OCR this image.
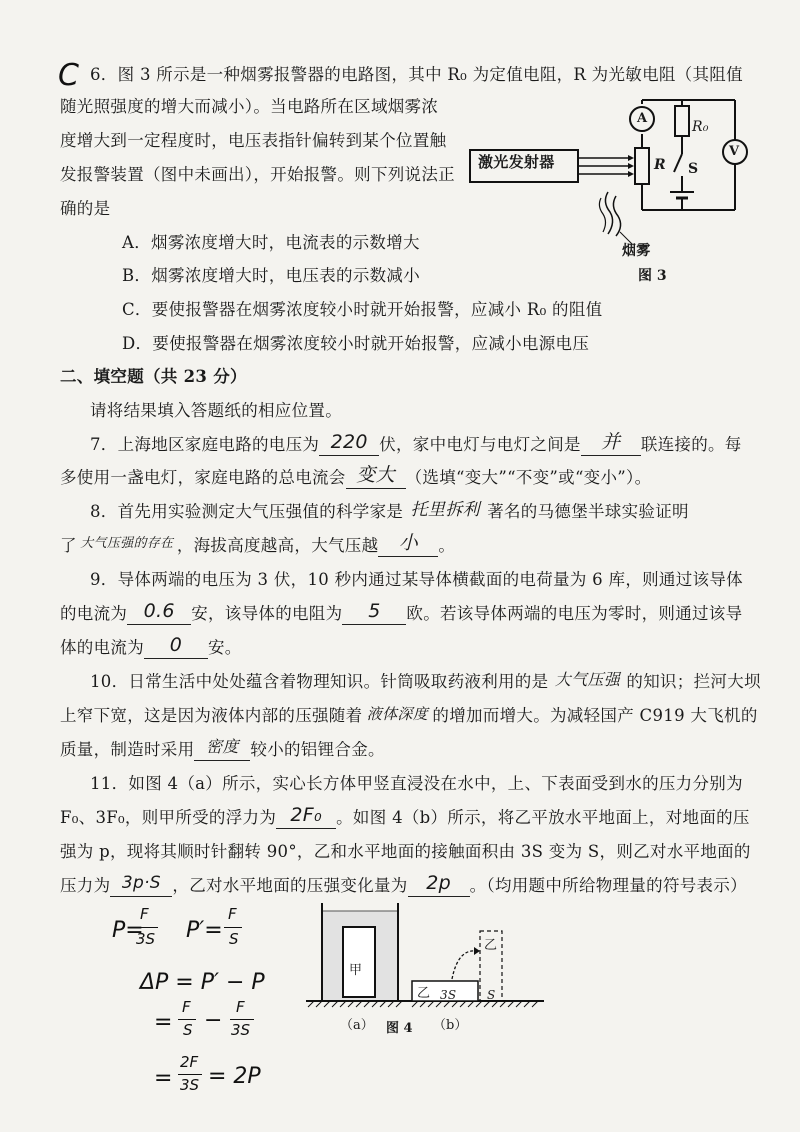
C 6．图 3 所示是一种烟雾报警器的电路图，其中 R₀ 为定值电阻，R 为光敏电阻（其阻值
随光照强度的增大而减小）。当电路所在区域烟雾浓
度增大到一定程度时，电压表指针偏转到某个位置触
发报警装置（图中未画出），开始报警。则下列说法正
确的是
A．烟雾浓度增大时，电流表的示数增大
B．烟雾浓度增大时，电压表的示数减小
C．要使报警器在烟雾浓度较小时就开始报警，应减小 R₀ 的阻值
D．要使报警器在烟雾浓度较小时就开始报警，应减小电源电压
激光发射器
A
R₀
R S
V
烟雾
图 3
二、填空题（共 23 分）
请将结果填入答题纸的相应位置。
7．上海地区家庭电路的电压为 220 伏，家中电灯与电灯之间是	并	联连接的。每
多使用一盏电灯，家庭电路的总电流会 变大 （选填“变大”“不变”或“变小”）。
8．首先用实验测定大气压强值的科学家是 托里拆利 著名的马德堡半球实验证明
了 大气压强的存在 ，海拔高度越高，大气压越	小	。
9．导体两端的电压为 3 伏，10 秒内通过某导体横截面的电荷量为 6 库，则通过该导体
的电流为 0.6 安，该导体的电阻为	5	欧。若该导体两端的电压为零时，则通过该导
体的电流为	0	安。
10．日常生活中处处蕴含着物理知识。针筒吸取药液利用的是 大气压强 的知识；拦河大坝
上窄下宽，这是因为液体内部的压强随着 液体深度 的增加而增大。为减轻国产 C919 大飞机的
质量，制造时采用 密度 较小的铝锂合金。
11．如图 4（a）所示，实心长方体甲竖直浸没在水中，上、下表面受到水的压力分别为
F₀、3F₀，则甲所受的浮力为 2F₀ 。如图 4（b）所示，将乙平放水平地面上，对地面的压
强为 p，现将其顺时针翻转 90°，乙和水平地面的接触面积由 3S 变为 S，则乙对水平地面的
压力为 3p·S ，乙对水平地面的压强变化量为 2p	。（均用题中所给物理量的符号表示）
甲
乙 3S
乙
S
（a） 图 4 （b）
P=
F
3S P′=
F
S
ΔP = P′ − P
=
F
S −
F
3S
=
2F
3S = 2P
